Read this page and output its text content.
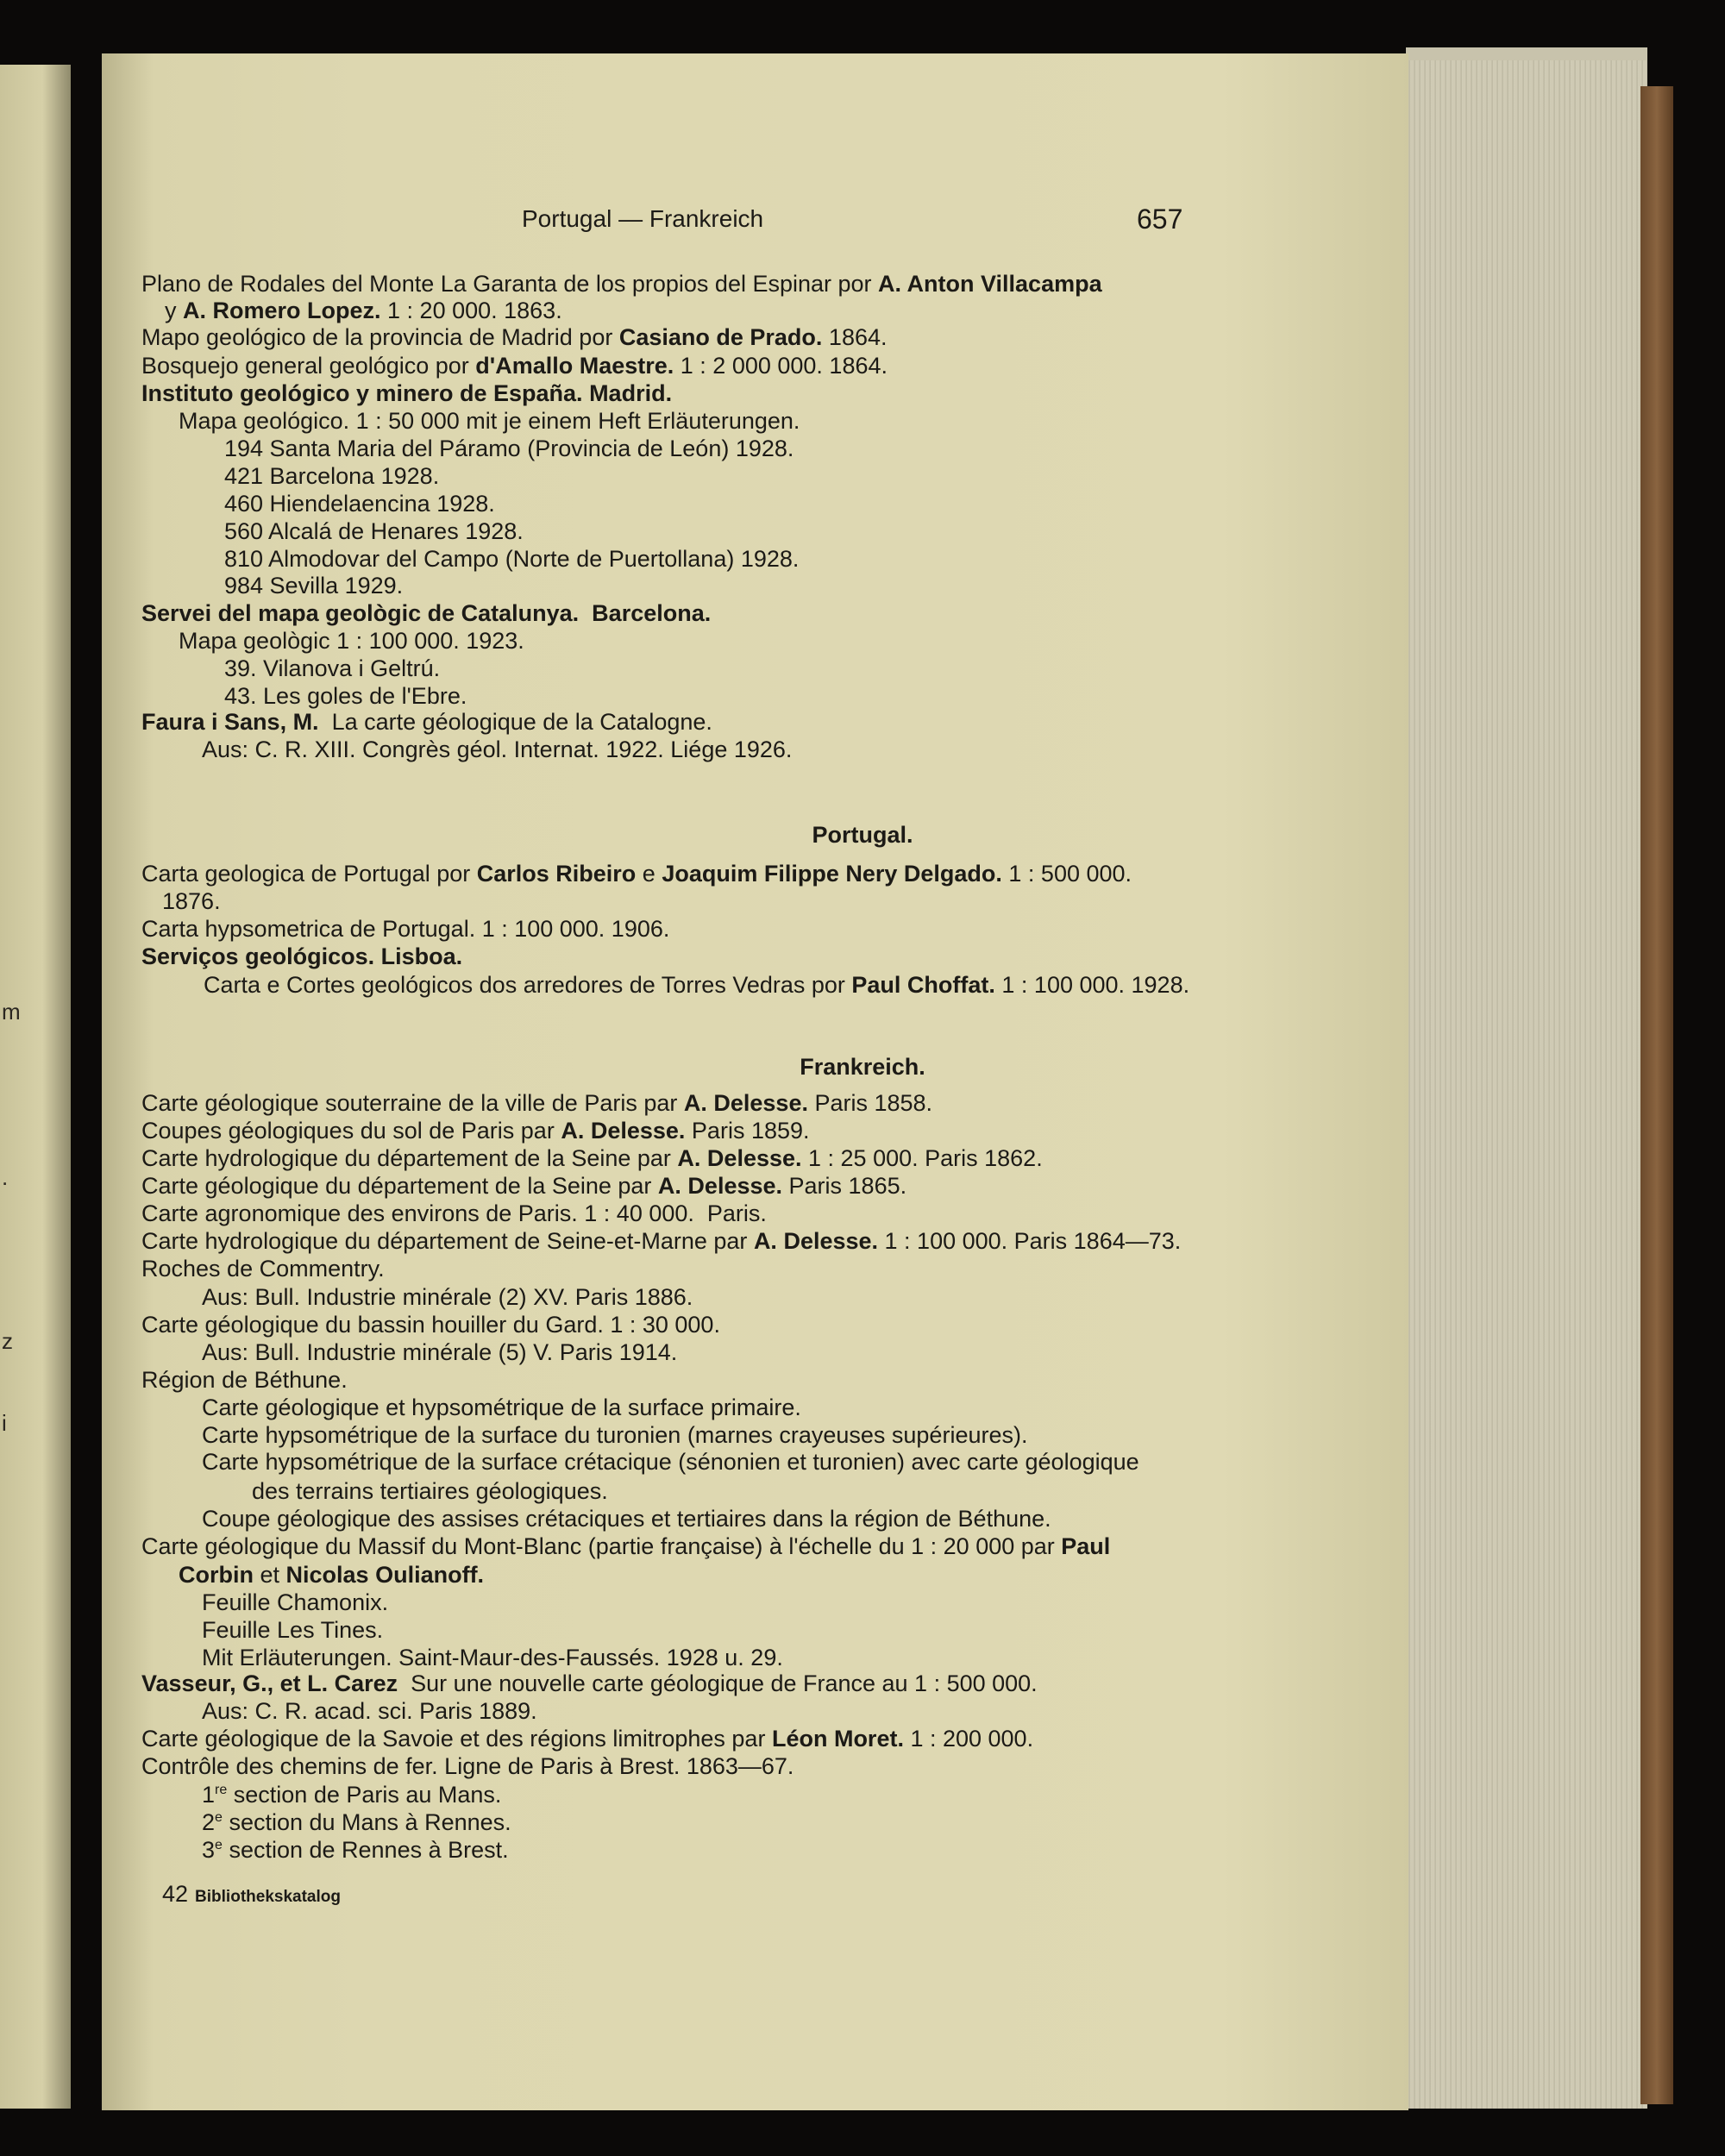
m
.
z
i
Portugal — Frankreich	657
Portugal.
Frankreich.
Plano de Rodales del Monte La Garanta de los propios del Espinar por A. Anton Villacampa
y A. Romero Lopez. 1 : 20 000. 1863.
Mapo geológico de la provincia de Madrid por Casiano de Prado. 1864.
Bosquejo general geológico por d'Amallo Maestre. 1 : 2 000 000. 1864.
Instituto geológico y minero de España. Madrid.
Mapa geológico. 1 : 50 000 mit je einem Heft Erläuterungen.
194 Santa Maria del Páramo (Provincia de León) 1928.
421 Barcelona 1928.
460 Hiendelaencina 1928.
560 Alcalá de Henares 1928.
810 Almodovar del Campo (Norte de Puertollana) 1928.
984 Sevilla 1929.
Servei del mapa geològic de Catalunya.  Barcelona.
Mapa geològic 1 : 100 000. 1923.
39. Vilanova i Geltrú.
43. Les goles de l'Ebre.
Faura i Sans, M.  La carte géologique de la Catalogne.
Aus: C. R. XIII. Congrès géol. Internat. 1922. Liége 1926.
Carta geologica de Portugal por Carlos Ribeiro e Joaquim Filippe Nery Delgado. 1 : 500 000.
1876.
Carta hypsometrica de Portugal. 1 : 100 000. 1906.
Serviços geológicos. Lisboa.
Carta e Cortes geológicos dos arredores de Torres Vedras por Paul Choffat. 1 : 100 000. 1928.
Carte géologique souterraine de la ville de Paris par A. Delesse. Paris 1858.
Coupes géologiques du sol de Paris par A. Delesse. Paris 1859.
Carte hydrologique du département de la Seine par A. Delesse. 1 : 25 000. Paris 1862.
Carte géologique du département de la Seine par A. Delesse. Paris 1865.
Carte agronomique des environs de Paris. 1 : 40 000.  Paris.
Carte hydrologique du département de Seine-et-Marne par A. Delesse. 1 : 100 000. Paris 1864—73.
Roches de Commentry.
Aus: Bull. Industrie minérale (2) XV. Paris 1886.
Carte géologique du bassin houiller du Gard. 1 : 30 000.
Aus: Bull. Industrie minérale (5) V. Paris 1914.
Région de Béthune.
Carte géologique et hypsométrique de la surface primaire.
Carte hypsométrique de la surface du turonien (marnes crayeuses supérieures).
Carte hypsométrique de la surface crétacique (sénonien et turonien) avec carte géologique
des terrains tertiaires géologiques.
Coupe géologique des assises crétaciques et tertiaires dans la région de Béthune.
Carte géologique du Massif du Mont-Blanc (partie française) à l'échelle du 1 : 20 000 par Paul
Corbin et Nicolas Oulianoff.
Feuille Chamonix.
Feuille Les Tines.
Mit Erläuterungen. Saint-Maur-des-Faussés. 1928 u. 29.
Vasseur, G., et L. Carez  Sur une nouvelle carte géologique de France au 1 : 500 000.
Aus: C. R. acad. sci. Paris 1889.
Carte géologique de la Savoie et des régions limitrophes par Léon Moret. 1 : 200 000.
Contrôle des chemins de fer. Ligne de Paris à Brest. 1863—67.
1re section de Paris au Mans.
2e section du Mans à Rennes.
3e section de Rennes à Brest.
42 Bibliothekskatalog
